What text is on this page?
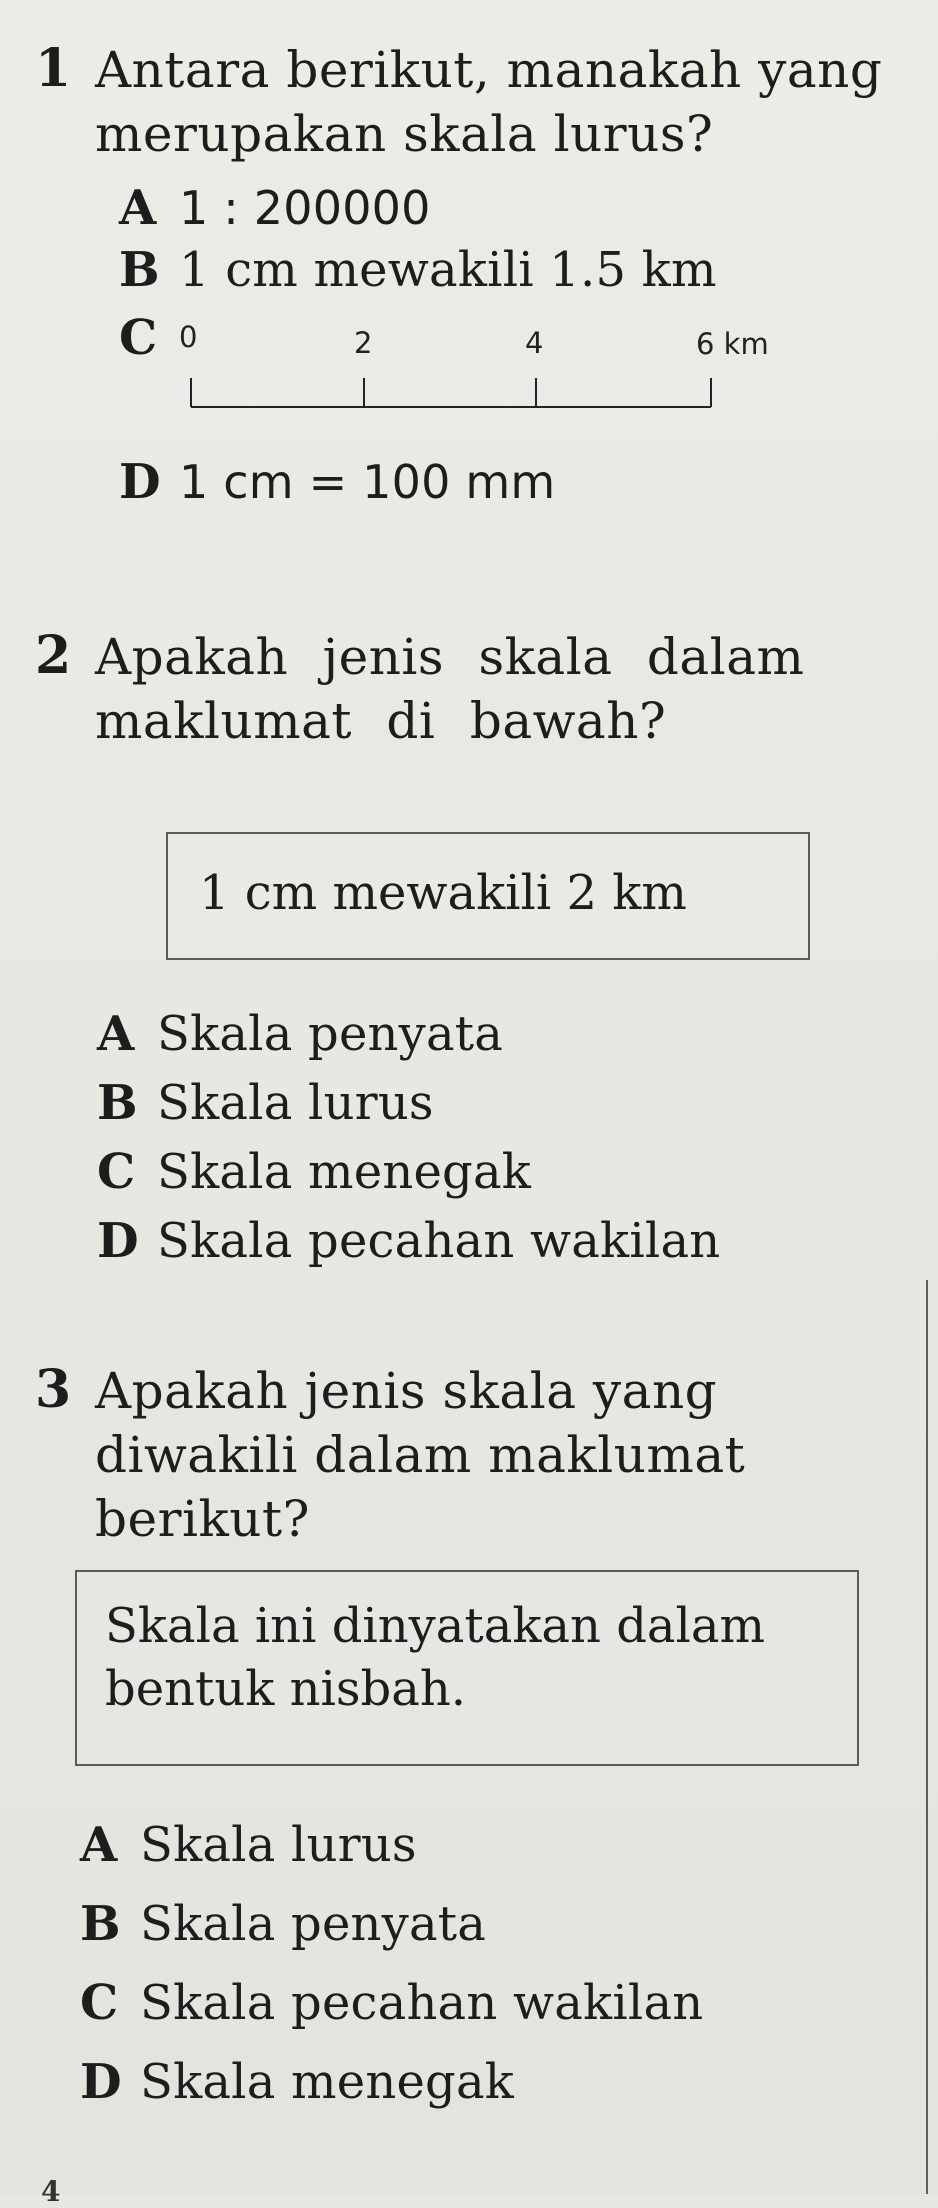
1 Antara berikut, manakah yang merupakan skala lurus?
A 1 : 200000
B 1 cm mewakili 1.5 km
C 0	2	4	6 km
D 1 cm = 100 mm
2 Apakah jenis skala dalam maklumat di bawah?
1 cm mewakili 2 km
A Skala penyata
B Skala lurus
C Skala menegak
D Skala pecahan wakilan
3 Apakah jenis skala yang diwakili dalam maklumat berikut?
Skala ini dinyatakan dalam bentuk nisbah.
A Skala lurus
B Skala penyata
C Skala pecahan wakilan
D Skala menegak
4
